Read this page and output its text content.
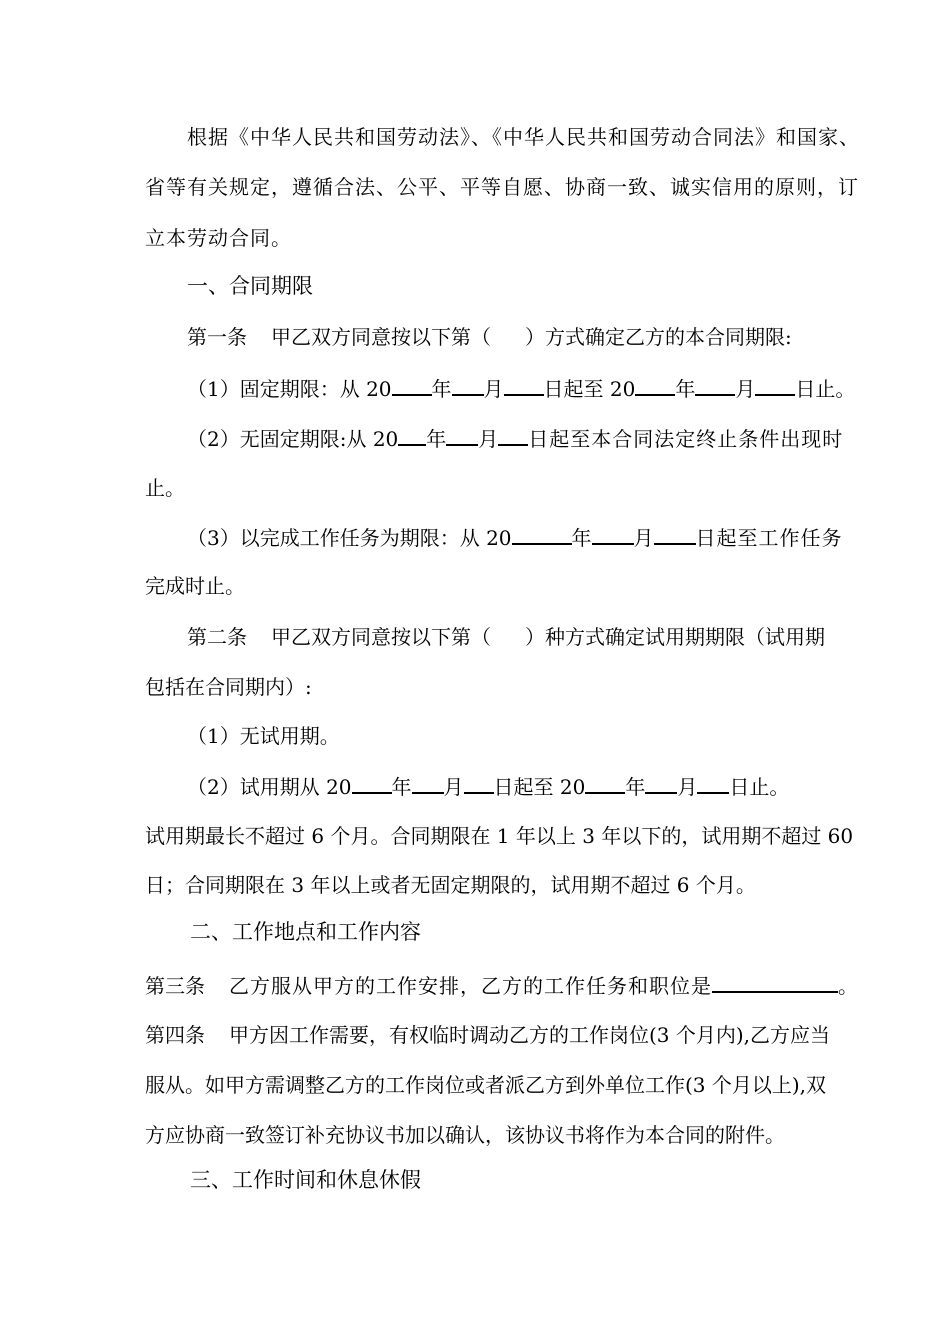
根据《中华人民共和国劳动法》、《中华人民共和国劳动合同法》和国家、
省等有关规定，遵循合法、公平、平等自愿、协商一致、诚实信用的原则，订
立本劳动合同。
一、合同期限
第一条 甲乙双方同意按以下第（ ）方式确定乙方的本合同期限:
（1）固定期限：从 20 年 月 日起至 20 年 月 日止。
（2）无固定期限:从 20 年 月 日起至本合同法定终止条件出现时
止。
（3）以完成工作任务为期限：从 20	年 月 日起至工作任务
完成时止。
第二条 甲乙双方同意按以下第（ ）种方式确定试用期期限（试用期
包括在合同期内）:
（1）无试用期。
（2）试用期从 20 年 月 日起至 20 年 月 日止。
试用期最长不超过 6 个月。合同期限在 1 年以上 3 年以下的，试用期不超过 60
日；合同期限在 3 年以上或者无固定期限的，试用期不超过 6 个月。
二、工作地点和工作内容
第三条 乙方服从甲方的工作安排，乙方的工作任务和职位是	。
第四条 甲方因工作需要，有权临时调动乙方的工作岗位(3 个月内),乙方应当
服从。如甲方需调整乙方的工作岗位或者派乙方到外单位工作(3 个月以上),双
方应协商一致签订补充协议书加以确认，该协议书将作为本合同的附件。
三、工作时间和休息休假
